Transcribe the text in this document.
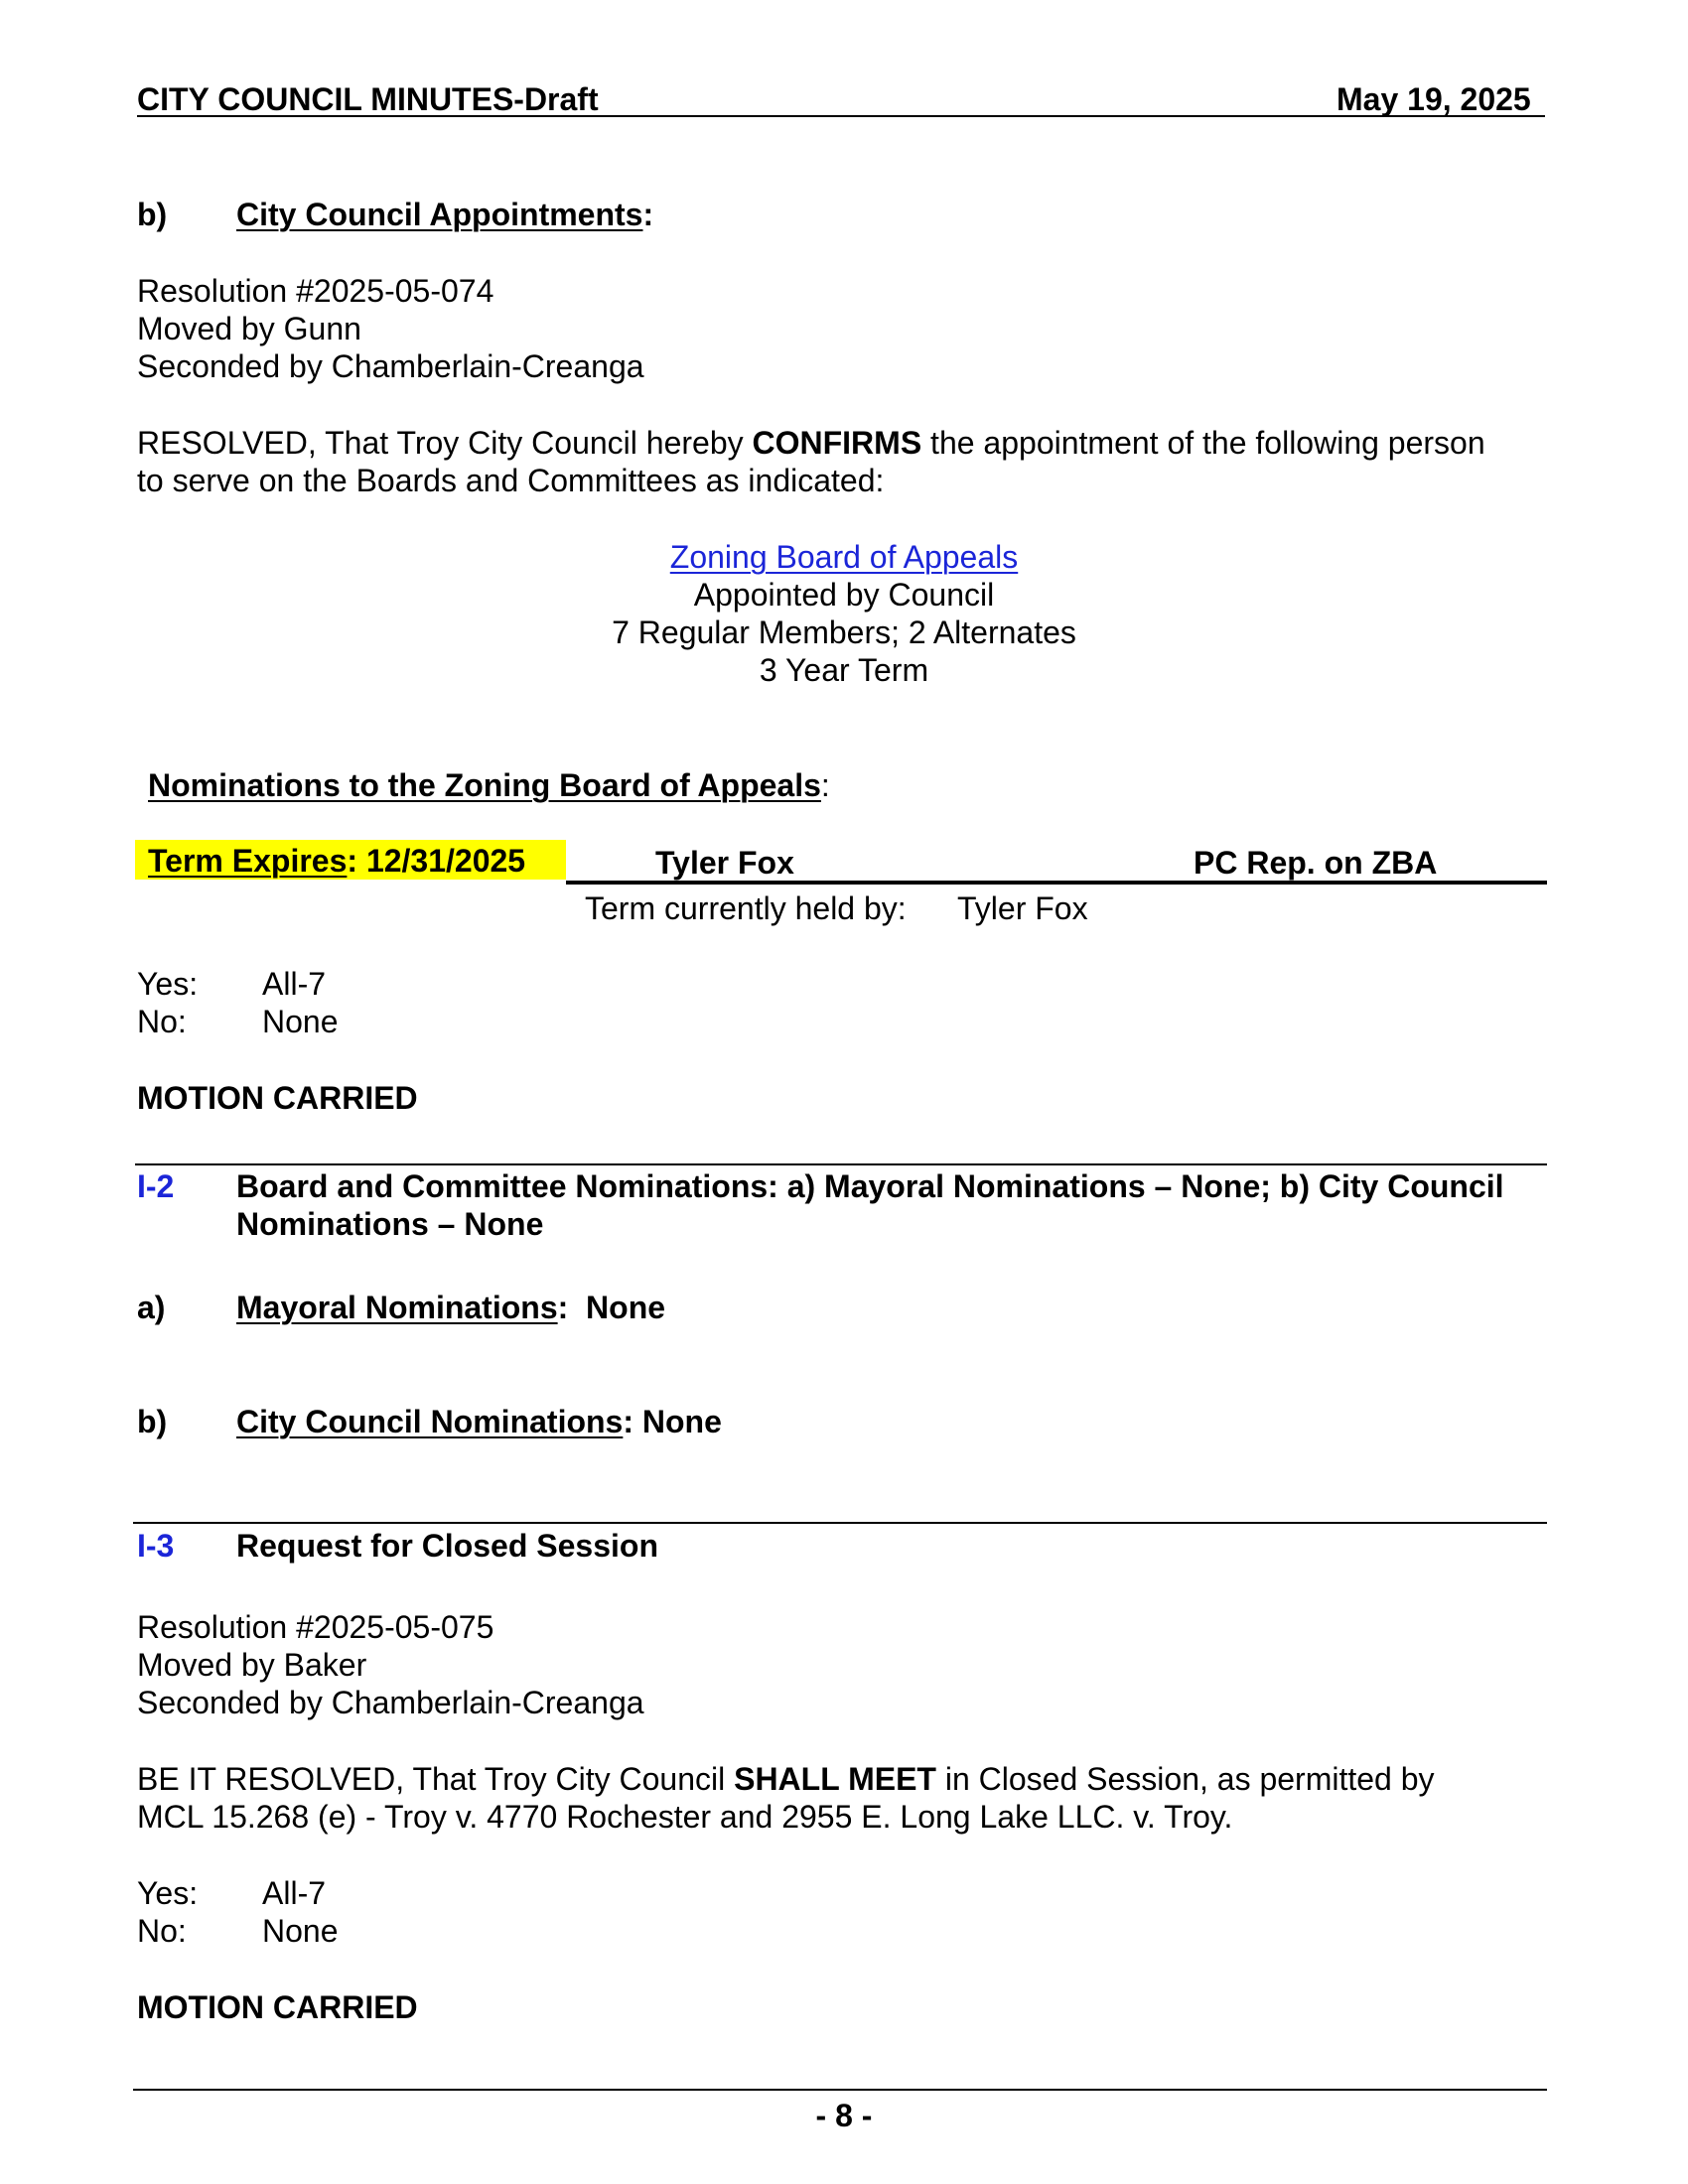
CITY COUNCIL MINUTES-Draft	May 19, 2025
b) City Council Appointments:
Resolution #2025-05-074
Moved by Gunn
Seconded by Chamberlain-Creanga
RESOLVED, That Troy City Council hereby CONFIRMS the appointment of the following person
to serve on the Boards and Committees as indicated:
Zoning Board of Appeals
Appointed by Council
7 Regular Members; 2 Alternates
3 Year Term
Nominations to the Zoning Board of Appeals:
Term Expires: 12/31/2025	Tyler Fox	PC Rep. on ZBA
Term currently held by: Tyler Fox
Yes: All-7
No: None
MOTION CARRIED
I-2 Board and Committee Nominations: a) Mayoral Nominations – None; b) City Council
Nominations – None
a) Mayoral Nominations:  None
b) City Council Nominations: None
I-3 Request for Closed Session
Resolution #2025-05-075
Moved by Baker
Seconded by Chamberlain-Creanga
BE IT RESOLVED, That Troy City Council SHALL MEET in Closed Session, as permitted by
MCL 15.268 (e) - Troy v. 4770 Rochester and 2955 E. Long Lake LLC. v. Troy.
Yes: All-7
No: None
MOTION CARRIED
- 8 -
